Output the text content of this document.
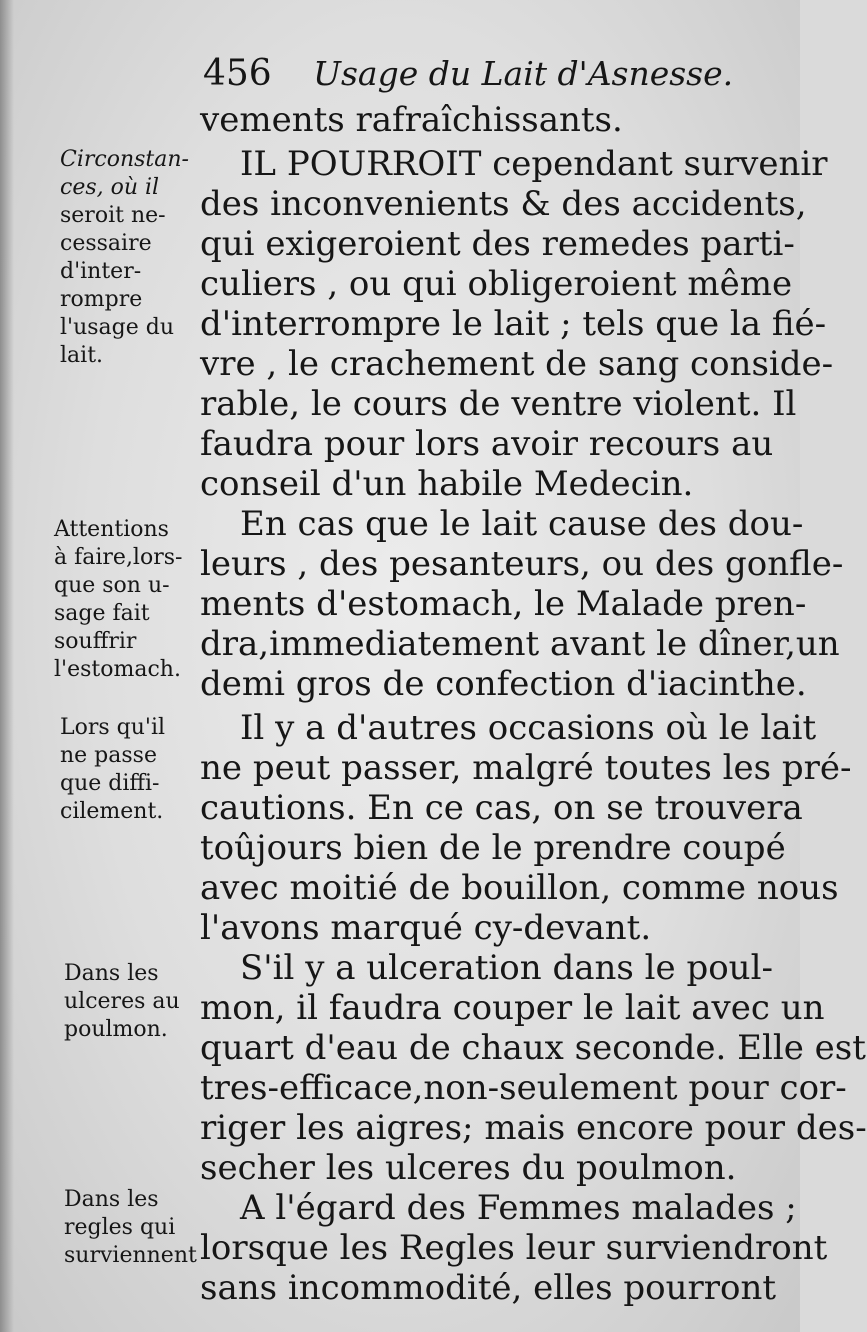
456 Usage du Lait d'Asnesse.
vements rafraîchissants.
IL POURROIT cependant survenir
des inconvenients & des accidents,
qui exigeroient des remedes parti-
culiers , ou qui obligeroient même
d'interrompre le lait ; tels que la fié-
vre , le crachement de sang conside-
rable, le cours de ventre violent. Il
faudra pour lors avoir recours au
conseil d'un habile Medecin.
En cas que le lait cause des dou-
leurs , des pesanteurs, ou des gonfle-
ments d'estomach, le Malade pren-
dra,immediatement avant le dîner,un
demi gros de confection d'iacinthe.
Il y a d'autres occasions où le lait
ne peut passer, malgré toutes les pré-
cautions. En ce cas, on se trouvera
toûjours bien de le prendre coupé
avec moitié de bouillon, comme nous
l'avons marqué cy-devant.
S'il y a ulceration dans le poul-
mon, il faudra couper le lait avec un
quart d'eau de chaux seconde. Elle est
tres-efficace,non-seulement pour cor-
riger les aigres; mais encore pour des-
secher les ulceres du poulmon.
A l'égard des Femmes malades ;
lorsque les Regles leur surviendront
sans incommodité, elles pourront
Circonstan-
ces, où il
seroit ne-
cessaire
d'inter-
rompre
l'usage du
lait.
Attentions
à faire,lors-
que son u-
sage fait
souffrir
l'estomach.
Lors qu'il
ne passe
que diffi-
cilement.
Dans les
ulceres au
poulmon.
Dans les
regles qui
surviennent
